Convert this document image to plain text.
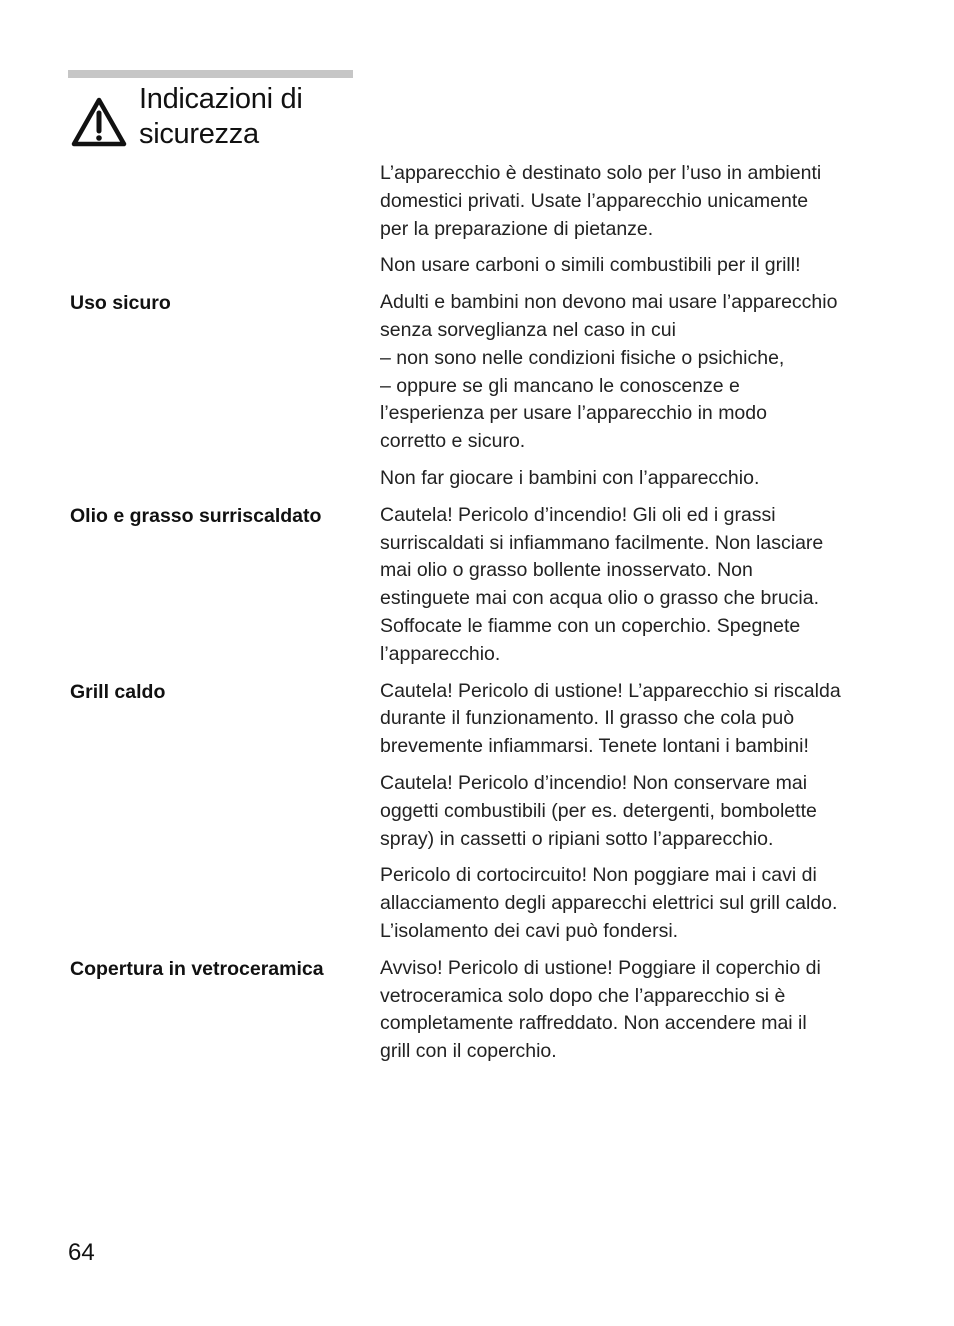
Indicazioni di
sicurezza

L’apparecchio è destinato solo per l’uso in ambienti
domestici privati. Usate l’apparecchio unicamente
per la preparazione di pietanze.

Non usare carboni o simili combustibili per il grill!

Uso sicuro	Adulti e bambini non devono mai usare l’apparecchio
senza sorveglianza nel caso in cui
– non sono nelle condizioni fisiche o psichiche,
– oppure se gli mancano le conoscenze e
l’esperienza per usare l’apparecchio in modo
corretto e sicuro.

Non far giocare i bambini con l’apparecchio.

Olio e grasso surriscaldato	Cautela! Pericolo d’incendio! Gli oli ed i grassi
surriscaldati si infiammano facilmente. Non lasciare
mai olio o grasso bollente inosservato. Non
estinguete mai con acqua olio o grasso che brucia.
Soffocate le fiamme con un coperchio. Spegnete
l’apparecchio.

Grill caldo	Cautela! Pericolo di ustione! L’apparecchio si riscalda
durante il funzionamento. Il grasso che cola può
brevemente infiammarsi. Tenete lontani i bambini!

Cautela! Pericolo d’incendio! Non conservare mai
oggetti combustibili (per es. detergenti, bombolette
spray) in cassetti o ripiani sotto l’apparecchio.

Pericolo di cortocircuito! Non poggiare mai i cavi di
allacciamento degli apparecchi elettrici sul grill caldo.
L’isolamento dei cavi può fondersi.

Copertura in vetroceramica	Avviso! Pericolo di ustione! Poggiare il coperchio di
vetroceramica solo dopo che l’apparecchio si è
completamente raffreddato. Non accendere mai il
grill con il coperchio.

64
